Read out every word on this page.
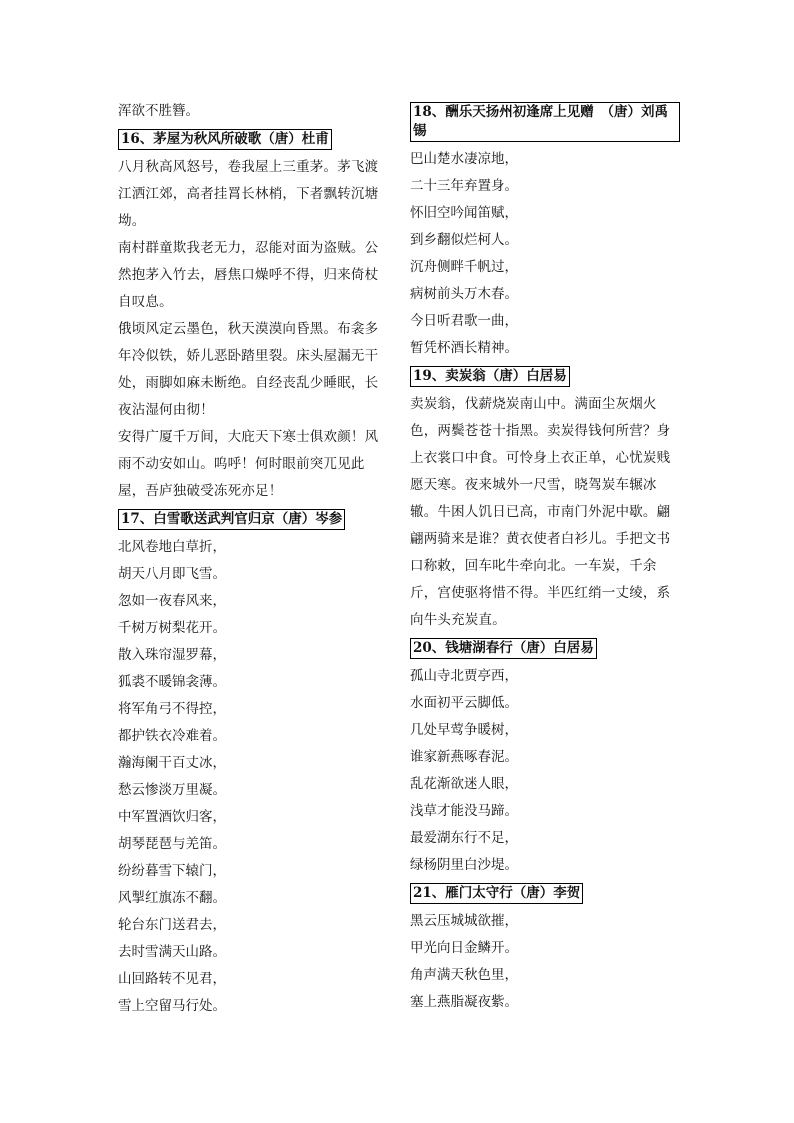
浑欲不胜簪。
16、茅屋为秋风所破歌（唐）杜甫
八月秋高风怒号，卷我屋上三重茅。茅飞渡江洒江郊，高者挂罥长林梢，下者飘转沉塘坳。
南村群童欺我老无力，忍能对面为盗贼。公然抱茅入竹去，唇焦口燥呼不得，归来倚杖自叹息。
俄顷风定云墨色，秋天漠漠向昏黑。布衾多年冷似铁，娇儿恶卧踏里裂。床头屋漏无干处，雨脚如麻未断绝。自经丧乱少睡眠，长夜沾湿何由彻！
安得广厦千万间，大庇天下寒士俱欢颜！风雨不动安如山。呜呼！何时眼前突兀见此屋，吾庐独破受冻死亦足！
17、白雪歌送武判官归京（唐）岑参
北风卷地白草折，
胡天八月即飞雪。
忽如一夜春风来，
千树万树梨花开。
散入珠帘湿罗幕，
狐裘不暖锦衾薄。
将军角弓不得控，
都护铁衣冷难着。
瀚海阑干百丈冰，
愁云惨淡万里凝。
中军置酒饮归客，
胡琴琵琶与羌笛。
纷纷暮雪下辕门，
风掣红旗冻不翻。
轮台东门送君去，
去时雪满天山路。
山回路转不见君，
雪上空留马行处。
18、酬乐天扬州初逢席上见赠　（唐）刘禹锡
巴山楚水凄凉地，
二十三年弃置身。
怀旧空吟闻笛赋，
到乡翻似烂柯人。
沉舟侧畔千帆过，
病树前头万木春。
今日听君歌一曲，
暂凭杯酒长精神。
19、卖炭翁（唐）白居易
卖炭翁，伐薪烧炭南山中。满面尘灰烟火色，两鬓苍苍十指黑。卖炭得钱何所营？身上衣裳口中食。可怜身上衣正单，心忧炭贱愿天寒。夜来城外一尺雪，晓驾炭车辗冰辙。牛困人饥日已高，市南门外泥中歇。翩翩两骑来是谁？黄衣使者白衫儿。手把文书口称敕，回车叱牛牵向北。一车炭，千余斤，宫使驱将惜不得。半匹红绡一丈绫，系向牛头充炭直。
20、钱塘湖春行（唐）白居易
孤山寺北贾亭西，
水面初平云脚低。
几处早莺争暖树，
谁家新燕啄春泥。
乱花渐欲迷人眼，
浅草才能没马蹄。
最爱湖东行不足，
绿杨阴里白沙堤。
21、雁门太守行（唐）李贺
黑云压城城欲摧，
甲光向日金鳞开。
角声满天秋色里，
塞上燕脂凝夜紫。
